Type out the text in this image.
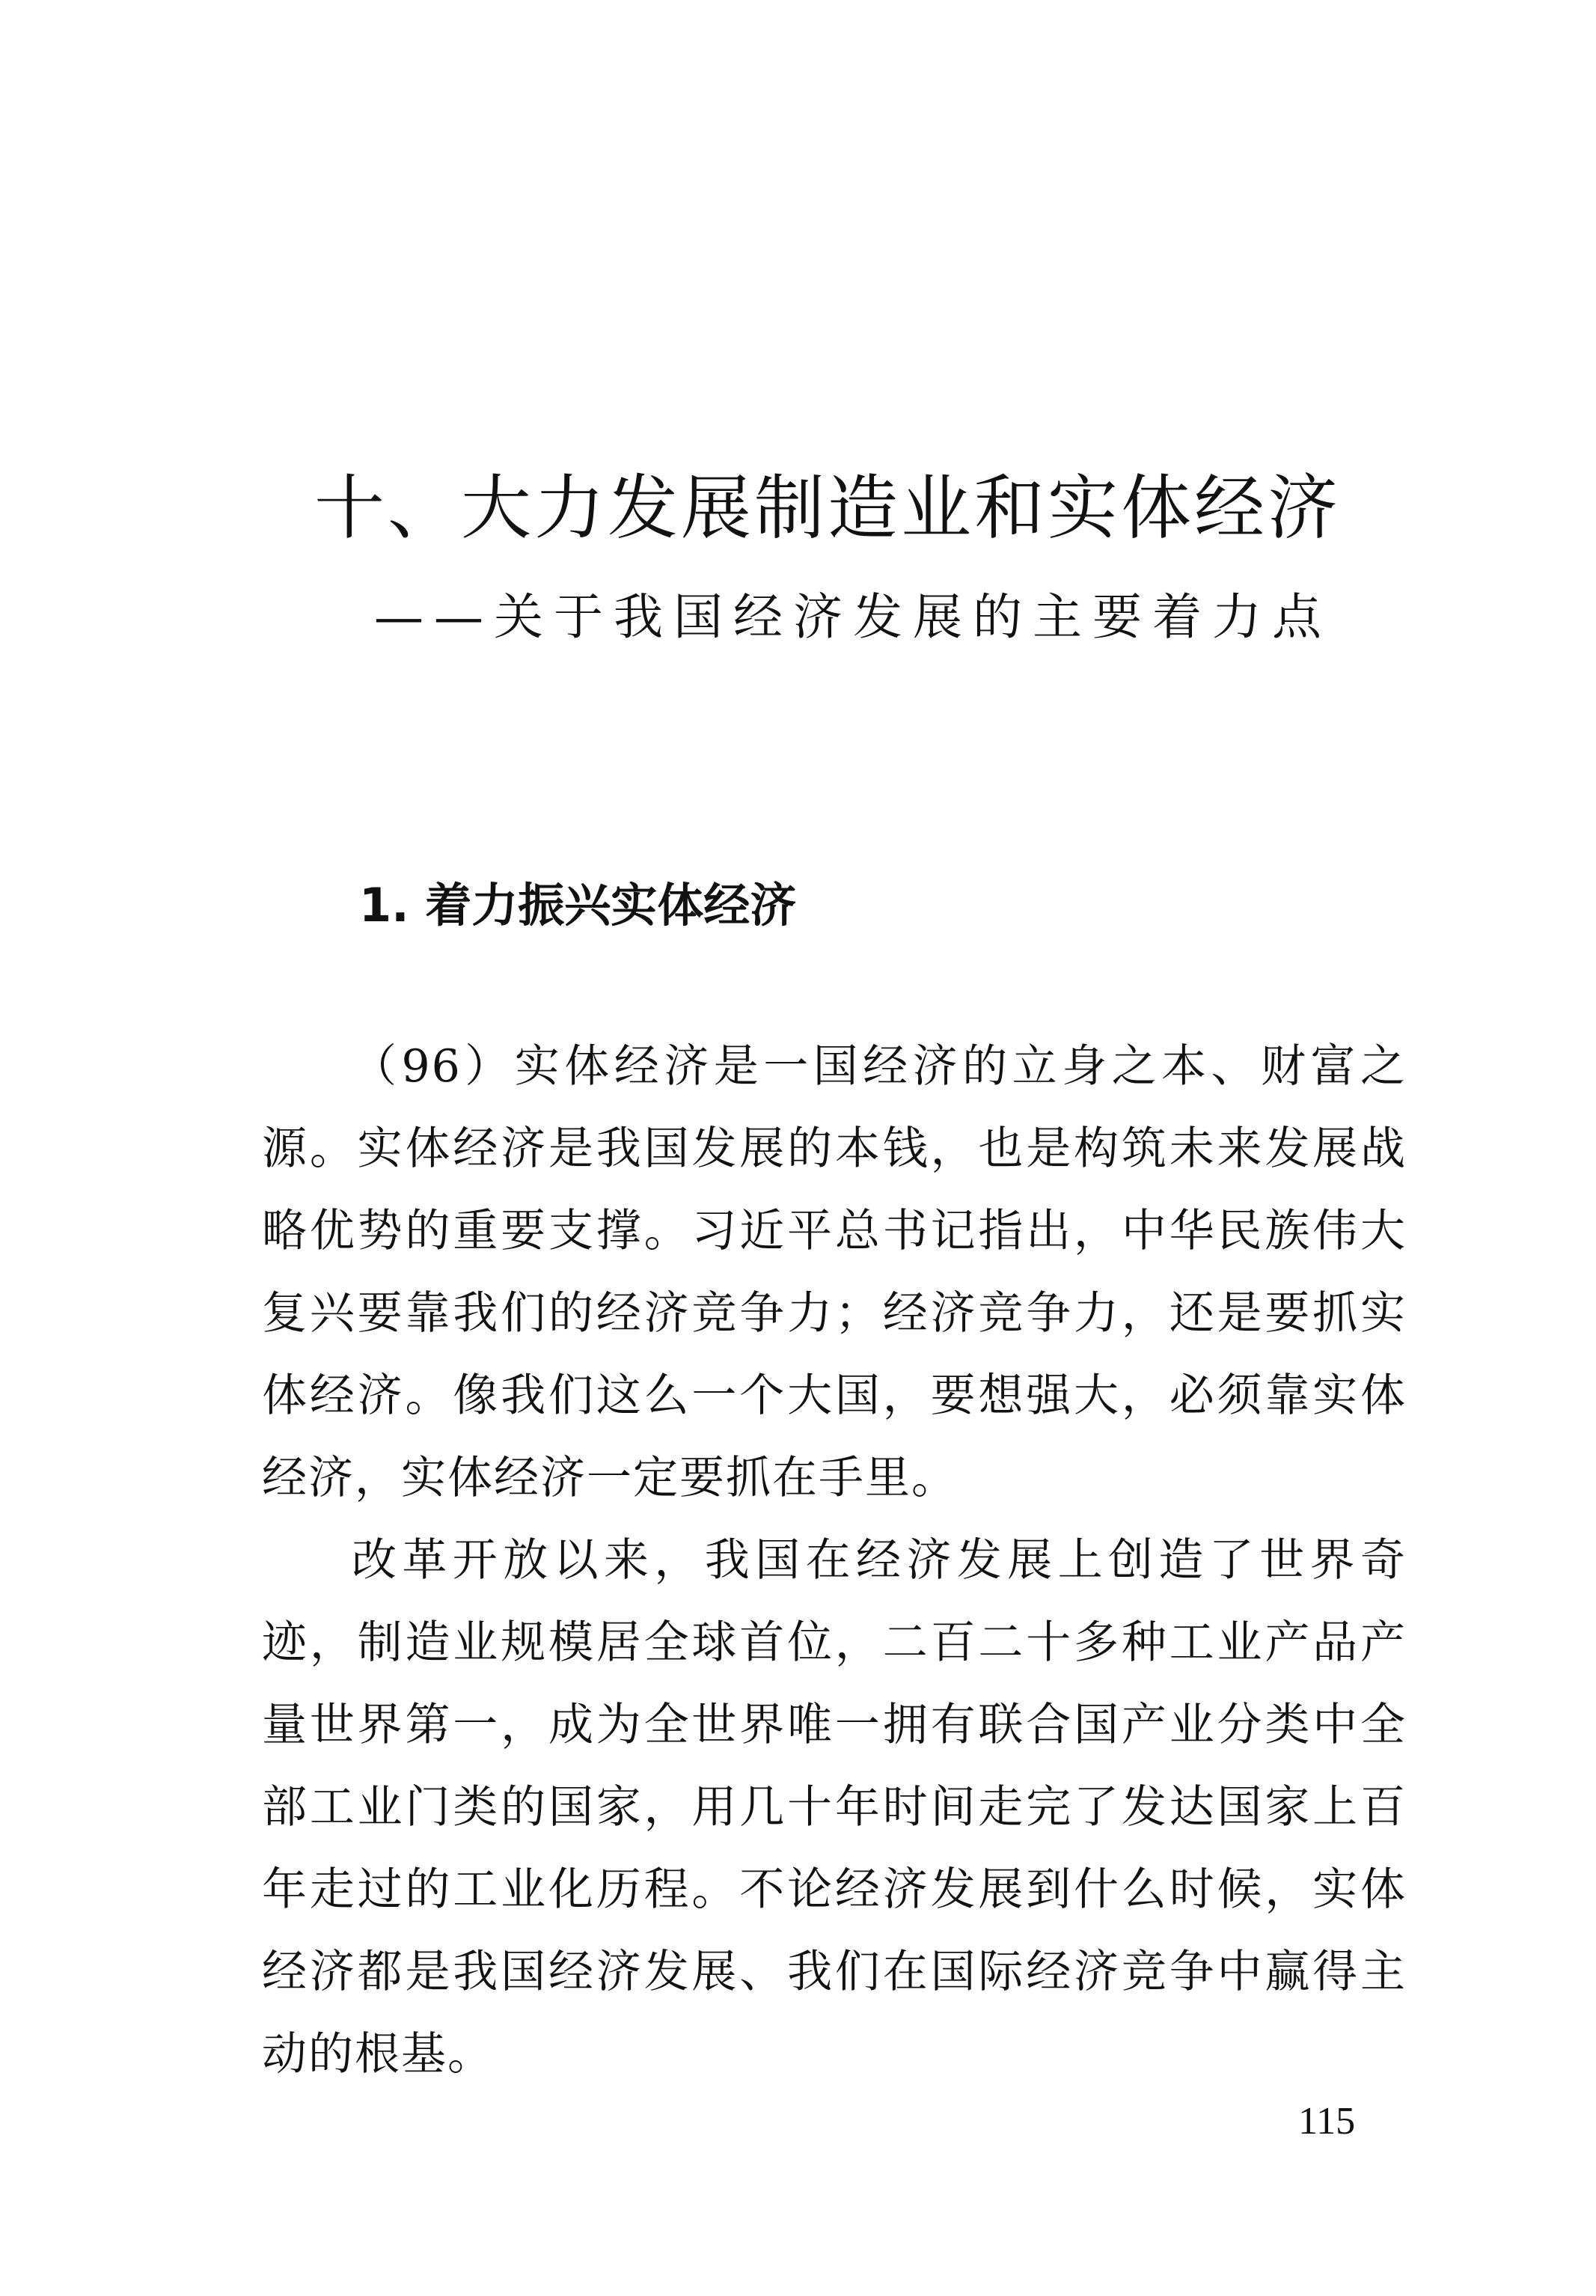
十、大力发展制造业和实体经济
——关于我国经济发展的主要着力点
1. 着力振兴实体经济

（96）实体经济是一国经济的立身之本、财富之源。实体经济是我国发展的本钱，也是构筑未来发展战略优势的重要支撑。习近平总书记指出，中华民族伟大复兴要靠我们的经济竞争力；经济竞争力，还是要抓实体经济。像我们这么一个大国，要想强大，必须靠实体经济，实体经济一定要抓在手里。

改革开放以来，我国在经济发展上创造了世界奇迹，制造业规模居全球首位，二百二十多种工业产品产量世界第一，成为全世界唯一拥有联合国产业分类中全部工业门类的国家，用几十年时间走完了发达国家上百年走过的工业化历程。不论经济发展到什么时候，实体经济都是我国经济发展、我们在国际经济竞争中赢得主动的根基。

115
